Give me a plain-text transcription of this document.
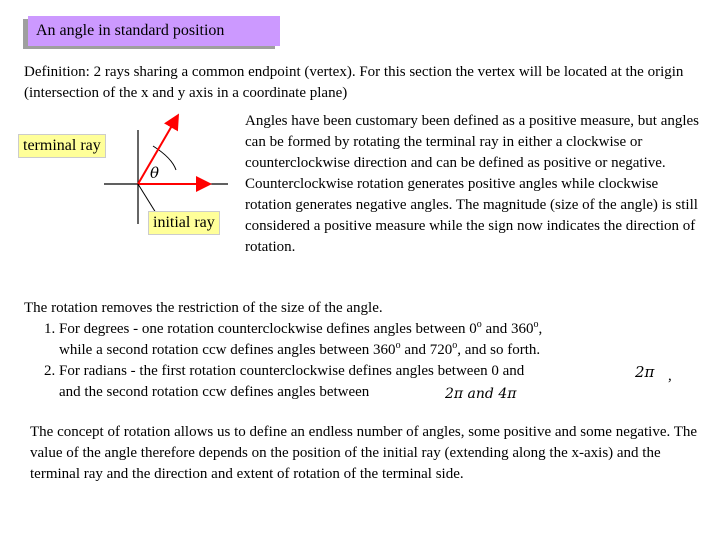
An angle in standard position
Definition: 2 rays sharing a common endpoint (vertex). For this section the vertex will be located at the origin (intersection of the x and y axis in a coordinate plane)
θ
terminal ray
initial ray
Angles have been customary been defined as a positive measure, but angles can be formed by rotating the terminal ray in either a clockwise or counterclockwise direction and can be defined as positive or negative. Counterclockwise rotation generates positive angles while clockwise rotation generates negative angles. The magnitude (size of the angle) is still considered a positive measure while the sign now indicates the direction of rotation.
The rotation removes the restriction of the size of the angle.
1. For degrees - one rotation counterclockwise defines angles between 0$^o$ and 360$^o$,
while a second rotation ccw defines angles between 360$^o$ and 720$^o$, and so forth.
2. For radians - the first rotation counterclockwise defines angles between 0 and
and the second rotation ccw defines angles between
2π ,
2π and 4π
The concept of rotation allows us to define an endless number of angles, some positive and some negative. The value of the angle therefore depends on the position of the initial ray (extending along the x-axis) and the terminal ray and the direction and extent of rotation of the terminal side.
